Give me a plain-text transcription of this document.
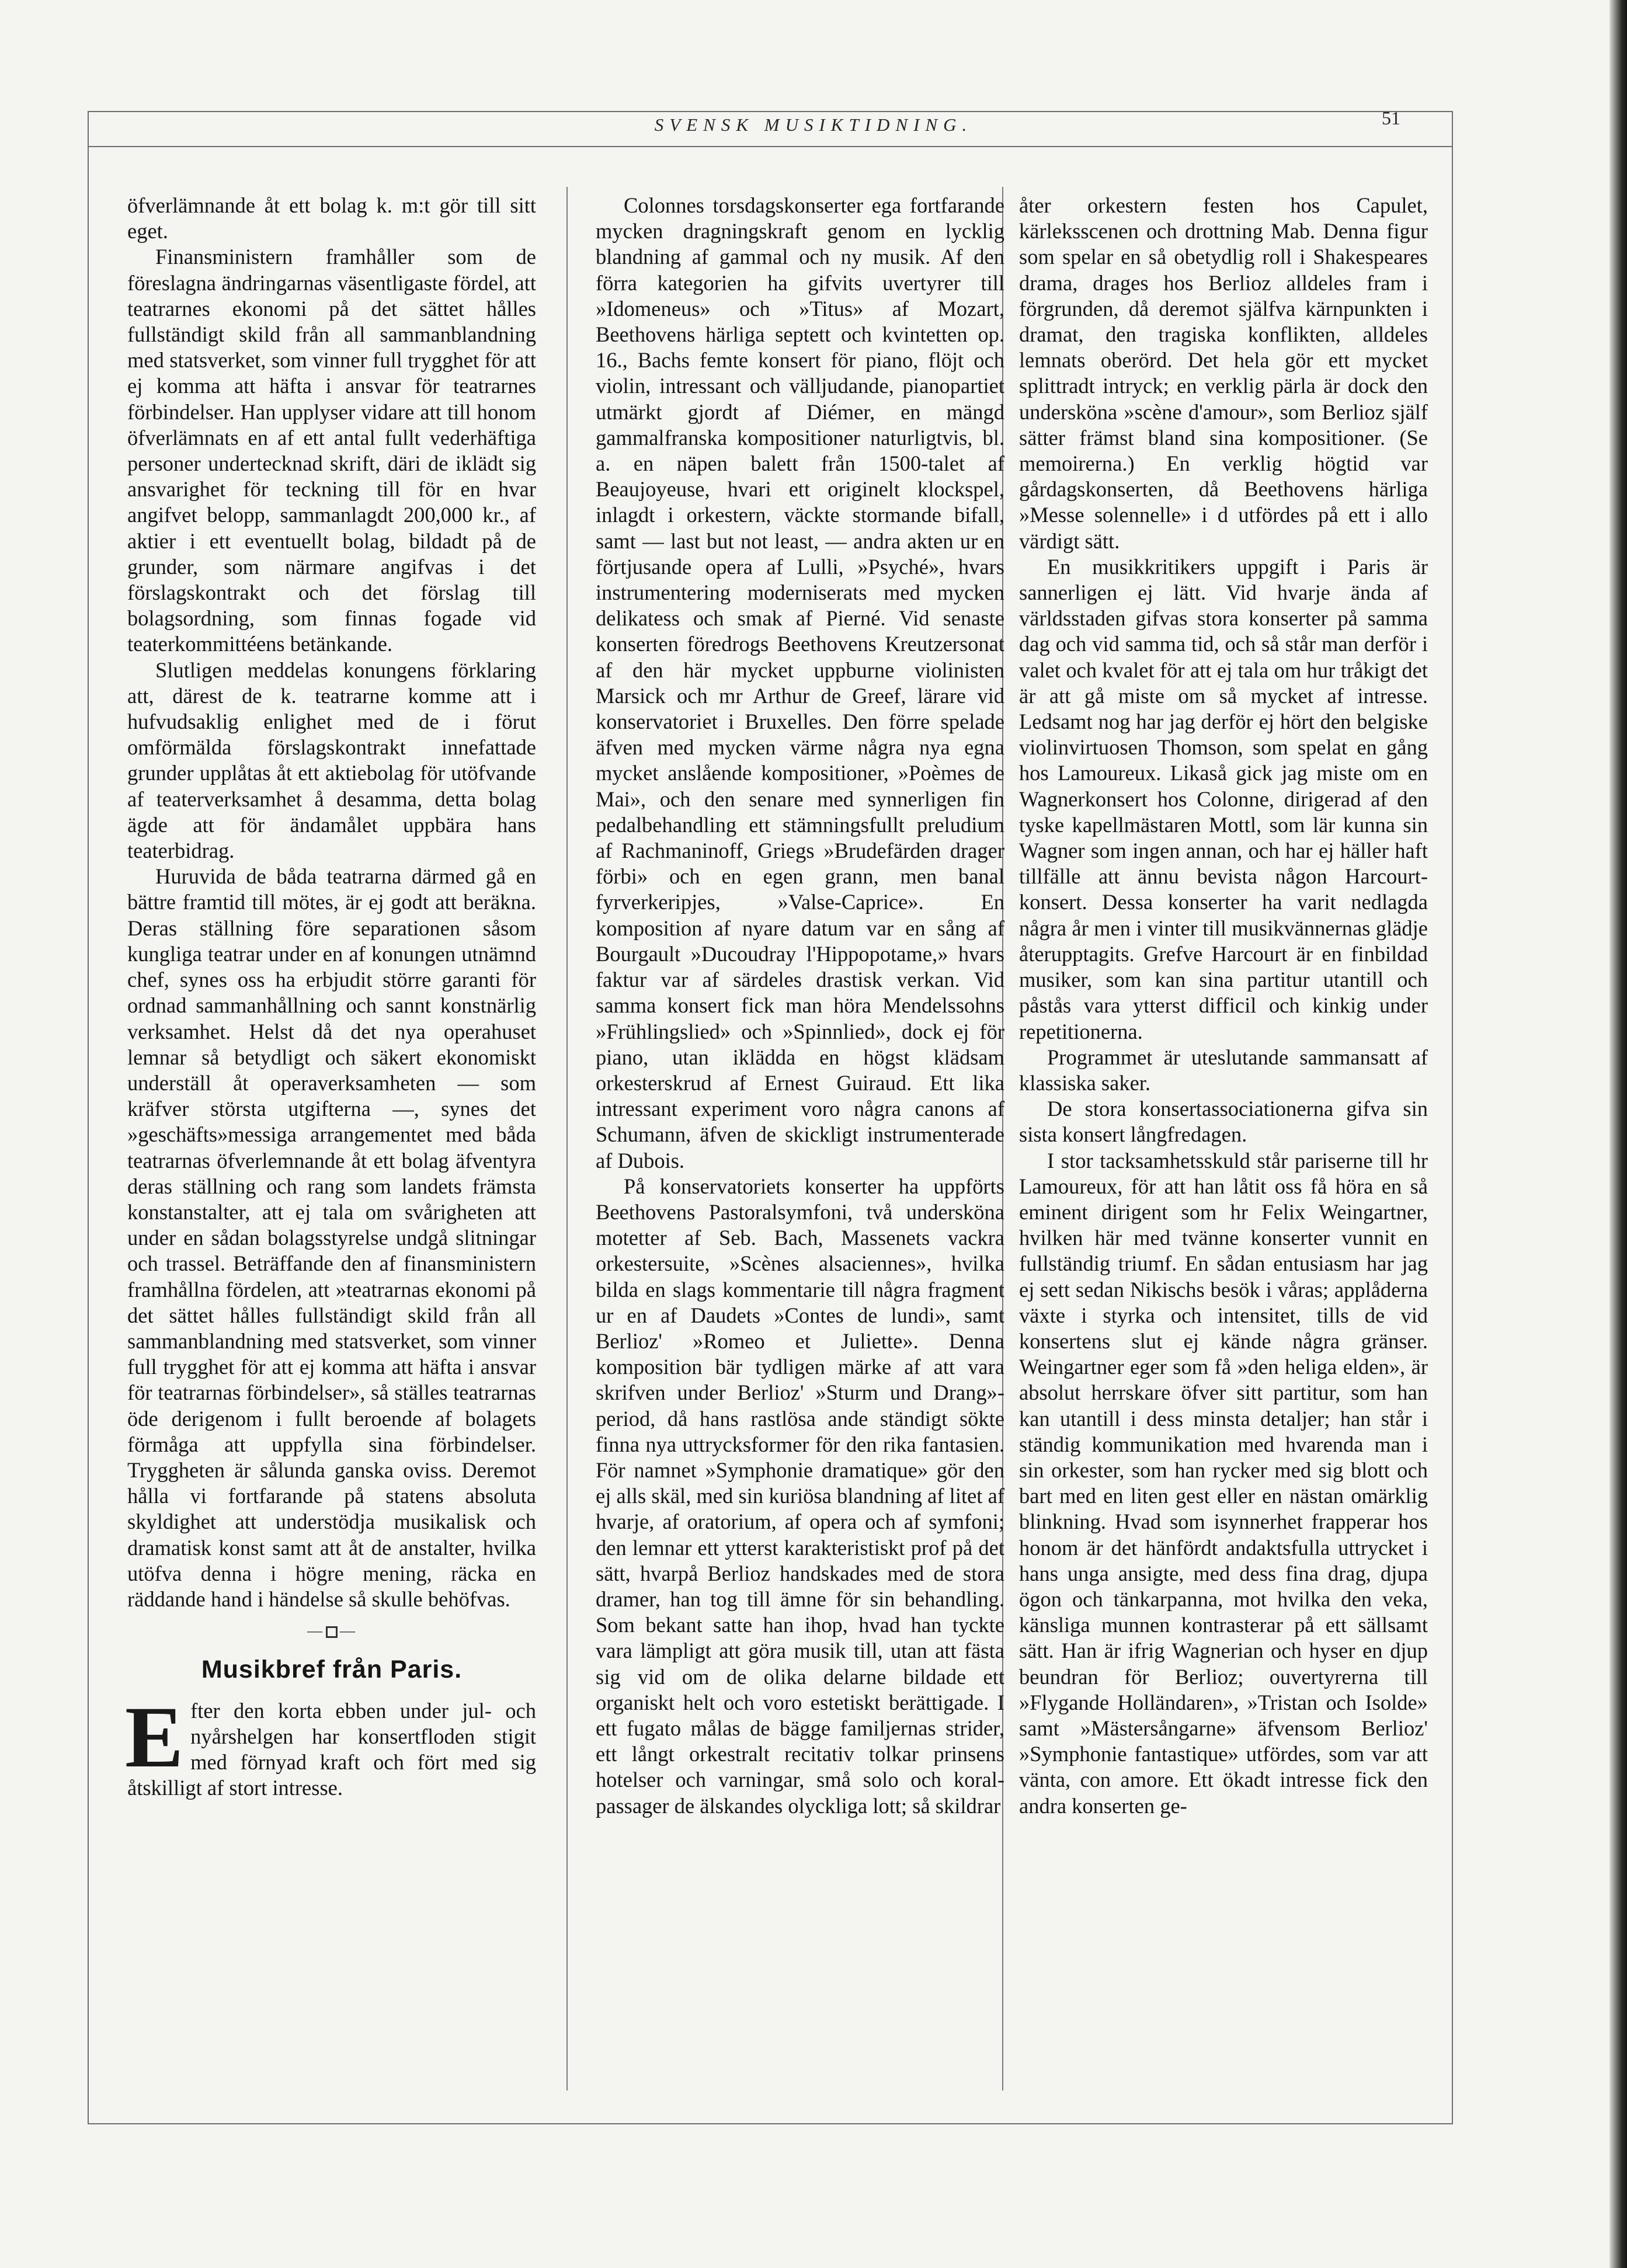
SVENSK MUSIKTIDNING.	51

öfverlämnande åt ett bolag k. m:t gör till sitt eget.

Finansministern framhåller som de föreslagna ändringarnas väsentligaste fördel, att teatrarnes ekonomi på det sättet hålles fullständigt skild från all sammanblandning med statsverket, som vinner full trygghet för att ej komma att häfta i ansvar för teatrarnes förbindelser. Han upplyser vidare att till honom öfverlämnats en af ett antal fullt vederhäftiga personer undertecknad skrift, däri de iklädt sig ansvarighet för teckning till för en hvar angifvet belopp, sammanlagdt 200,000 kr., af aktier i ett eventuellt bolag, bildadt på de grunder, som närmare angifvas i det förslagskontrakt och det förslag till bolagsordning, som finnas fogade vid teaterkommittéens betänkande.

Slutligen meddelas konungens förklaring att, därest de k. teatrarne komme att i hufvudsaklig enlighet med de i förut omförmälda förslagskontrakt innefattade grunder upplåtas åt ett aktiebolag för utöfvande af teaterverksamhet å desamma, detta bolag ägde att för ändamålet uppbära hans teaterbidrag.

Huruvida de båda teatrarna därmed gå en bättre framtid till mötes, är ej godt att beräkna. Deras ställning före separationen såsom kungliga teatrar under en af konungen utnämnd chef, synes oss ha erbjudit större garanti för ordnad sammanhållning och sannt konstnärlig verksamhet. Helst då det nya operahuset lemnar så betydligt och säkert ekonomiskt underställ åt operaverksamheten — som kräfver största utgifterna —, synes det »geschäfts»messiga arrangementet med båda teatrarnas öfverlemnande åt ett bolag äfventyra deras ställning och rang som landets främsta konstanstalter, att ej tala om svårigheten att under en sådan bolagsstyrelse undgå slitningar och trassel. Beträffande den af finansministern framhållna fördelen, att »teatrarnas ekonomi på det sättet hålles fullständigt skild från all sammanblandning med statsverket, som vinner full trygghet för att ej komma att häfta i ansvar för teatrarnas förbindelser», så ställes teatrarnas öde derigenom i fullt beroende af bolagets förmåga att uppfylla sina förbindelser. Tryggheten är sålunda ganska oviss. Deremot hålla vi fortfarande på statens absoluta skyldighet att understödja musikalisk och dramatisk konst samt att åt de anstalter, hvilka utöfva denna i högre mening, räcka en räddande hand i händelse så skulle behöfvas.

— —
Musikbref från Paris.

Efter den korta ebben under jul- och nyårshelgen har konsertfloden stigit med förnyad kraft och fört med sig åtskilligt af stort intresse.

Colonnes torsdagskonserter ega fortfarande mycken dragningskraft genom en lycklig blandning af gammal och ny musik. Af den förra kategorien ha gifvits uvertyrer till »Idomeneus» och »Titus» af Mozart, Beethovens härliga septett och kvintetten op. 16., Bachs femte konsert för piano, flöjt och violin, intressant och välljudande, pianopartiet utmärkt gjordt af Diémer, en mängd gammalfranska kompositioner naturligtvis, bl. a. en näpen balett från 1500-talet af Beaujoyeuse, hvari ett originelt klockspel, inlagdt i orkestern, väckte stormande bifall, samt — last but not least, — andra akten ur en förtjusande opera af Lulli, »Psyché», hvars instrumentering moderniserats med mycken delikatess och smak af Pierné. Vid senaste konserten föredrogs Beethovens Kreutzersonat af den här mycket uppburne violinisten Marsick och mr Arthur de Greef, lärare vid konservatoriet i Bruxelles. Den förre spelade äfven med mycken värme några nya egna mycket anslående kompositioner, »Poèmes de Mai», och den senare med synnerligen fin pedalbehandling ett stämningsfullt preludium af Rachmaninoff, Griegs »Brudefärden drager förbi» och en egen grann, men banal fyrverkeripjes, »Valse-Caprice». En komposition af nyare datum var en sång af Bourgault »Ducoudray l'Hippopotame,» hvars faktur var af särdeles drastisk verkan. Vid samma konsert fick man höra Mendelssohns »Frühlingslied» och »Spinnlied», dock ej för piano, utan iklädda en högst klädsam orkesterskrud af Ernest Guiraud. Ett lika intressant experiment voro några canons af Schumann, äfven de skickligt instrumenterade af Dubois.

På konservatoriets konserter ha uppförts Beethovens Pastoralsymfoni, två undersköna motetter af Seb. Bach, Massenets vackra orkestersuite, »Scènes alsaciennes», hvilka bilda en slags kommentarie till några fragment ur en af Daudets »Contes de lundi», samt Berlioz' »Romeo et Juliette». Denna komposition bär tydligen märke af att vara skrifven under Berlioz' »Sturm und Drang»-period, då hans rastlösa ande ständigt sökte finna nya uttrycksformer för den rika fantasien. För namnet »Symphonie dramatique» gör den ej alls skäl, med sin kuriösa blandning af litet af hvarje, af oratorium, af opera och af symfoni; den lemnar ett ytterst karakteristiskt prof på det sätt, hvarpå Berlioz handskades med de stora dramer, han tog till ämne för sin behandling. Som bekant satte han ihop, hvad han tyckte vara lämpligt att göra musik till, utan att fästa sig vid om de olika delarne bildade ett organiskt helt och voro estetiskt berättigade. I ett fugato målas de bägge familjernas strider, ett långt orkestralt recitativ tolkar prinsens hotelser och varningar, små solo och koral-passager de älskandes olyckliga lott; så skildrar

åter orkestern festen hos Capulet, kärleksscenen och drottning Mab. Denna figur som spelar en så obetydlig roll i Shakespeares drama, drages hos Berlioz alldeles fram i förgrunden, då deremot själfva kärnpunkten i dramat, den tragiska konflikten, alldeles lemnats oberörd. Det hela gör ett mycket splittradt intryck; en verklig pärla är dock den undersköna »scène d'amour», som Berlioz själf sätter främst bland sina kompositioner. (Se memoirerna.) En verklig högtid var gårdagskonserten, då Beethovens härliga »Messe solennelle» i d utfördes på ett i allo värdigt sätt.

En musikkritikers uppgift i Paris är sannerligen ej lätt. Vid hvarje ända af världsstaden gifvas stora konserter på samma dag och vid samma tid, och så står man derför i valet och kvalet för att ej tala om hur tråkigt det är att gå miste om så mycket af intresse. Ledsamt nog har jag derför ej hört den belgiske violinvirtuosen Thomson, som spelat en gång hos Lamoureux. Likaså gick jag miste om en Wagnerkonsert hos Colonne, dirigerad af den tyske kapellmästaren Mottl, som lär kunna sin Wagner som ingen annan, och har ej häller haft tillfälle att ännu bevista någon Harcourt-konsert. Dessa konserter ha varit nedlagda några år men i vinter till musikvännernas glädje återupptagits. Grefve Harcourt är en finbildad musiker, som kan sina partitur utantill och påstås vara ytterst difficil och kinkig under repetitionerna.

Programmet är uteslutande sammansatt af klassiska saker.

De stora konsertassociationerna gifva sin sista konsert långfredagen.

I stor tacksamhetsskuld står pariserne till hr Lamoureux, för att han låtit oss få höra en så eminent dirigent som hr Felix Weingartner, hvilken här med tvänne konserter vunnit en fullständig triumf. En sådan entusiasm har jag ej sett sedan Nikischs besök i våras; applåderna växte i styrka och intensitet, tills de vid konsertens slut ej kände några gränser. Weingartner eger som få »den heliga elden», är absolut herrskare öfver sitt partitur, som han kan utantill i dess minsta detaljer; han står i ständig kommunikation med hvarenda man i sin orkester, som han rycker med sig blott och bart med en liten gest eller en nästan omärklig blinkning. Hvad som isynnerhet frapperar hos honom är det hänfördt andaktsfulla uttrycket i hans unga ansigte, med dess fina drag, djupa ögon och tänkarpanna, mot hvilka den veka, känsliga munnen kontrasterar på ett sällsamt sätt. Han är ifrig Wagnerian och hyser en djup beundran för Berlioz; ouvertyrerna till »Flygande Holländaren», »Tristan och Isolde» samt »Mästersångarne» äfvensom Berlioz' »Symphonie fantastique» utfördes, som var att vänta, con amore. Ett ökadt intresse fick den andra konserten ge-
